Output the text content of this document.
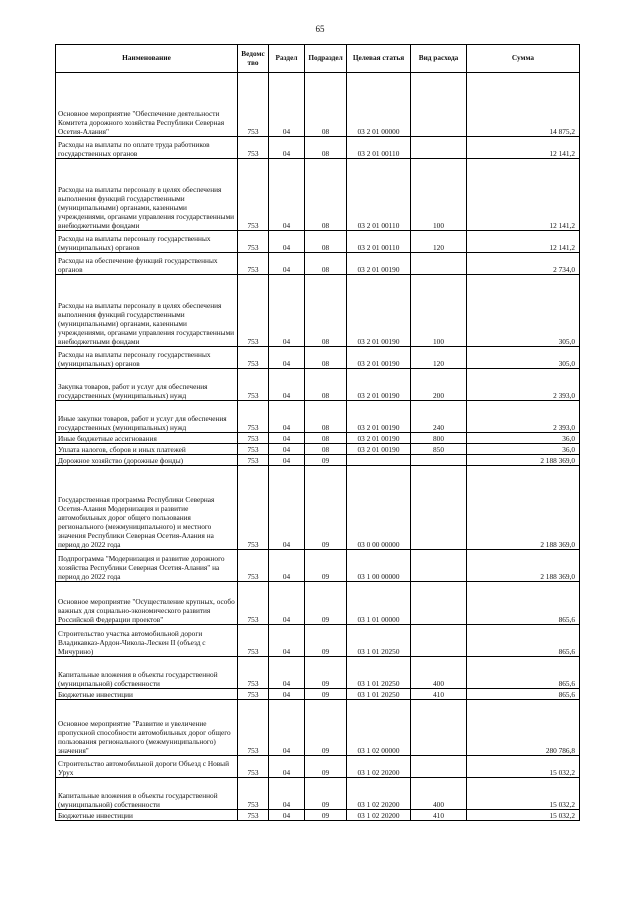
65
Наименование	Ведомс тво	Раздел	Подраздел	Целевая статья	Вид расхода	Сумма
Основное мероприятие "Обеспечение деятельности Комитета дорожного хозяйства Республики Северная Осетия-Алания"	753	04	08	03 2 01 00000		14 875,2
Расходы на выплаты по оплате труда работников государственных органов	753	04	08	03 2 01 00110		12 141,2
Расходы на выплаты персоналу в целях обеспечения выполнения функций государственными (муниципальными) органами, казенными учреждениями, органами управления государственными внебюджетными фондами	753	04	08	03 2 01 00110	100	12 141,2
Расходы на выплаты персоналу государственных (муниципальных) органов	753	04	08	03 2 01 00110	120	12 141,2
Расходы на обеспечение функций государственных органов	753	04	08	03 2 01 00190		2 734,0
Расходы на выплаты персоналу в целях обеспечения выполнения функций государственными (муниципальными) органами, казенными учреждениями, органами управления государственными внебюджетными фондами	753	04	08	03 2 01 00190	100	305,0
Расходы на выплаты персоналу государственных (муниципальных) органов	753	04	08	03 2 01 00190	120	305,0
Закупка товаров, работ и услуг для обеспечения государственных (муниципальных) нужд	753	04	08	03 2 01 00190	200	2 393,0
Иные закупки товаров, работ и услуг для обеспечения государственных (муниципальных) нужд	753	04	08	03 2 01 00190	240	2 393,0
Иные бюджетные ассигнования	753	04	08	03 2 01 00190	800	36,0
Уплата налогов, сборов и иных платежей	753	04	08	03 2 01 00190	850	36,0
Дорожное хозяйство (дорожные фонды)	753	04	09			2 188 369,0
Государственная программа Республики Северная Осетия-Алания Модернизация и развитие автомобильных дорог общего пользования регионального (межмуниципального) и местного значения Республики Северная Осетия-Алания на период до 2022 года	753	04	09	03 0 00 00000		2 188 369,0
Подпрограмма "Модернизация и развитие дорожного хозяйства Республики Северная Осетия-Алания" на период до 2022 года	753	04	09	03 1 00 00000		2 188 369,0
Основное мероприятие "Осуществление крупных, особо важных для социально-экономического развития Российской Федерации проектов"	753	04	09	03 1 01 00000		865,6
Строительство участка автомобильной дороги Владикавказ-Ардон-Чикола-Лескен II (объезд с Мичурино)	753	04	09	03 1 01 20250		865,6
Капитальные вложения в объекты государственной (муниципальной) собственности	753	04	09	03 1 01 20250	400	865,6
Бюджетные инвестиции	753	04	09	03 1 01 20250	410	865,6
Основное мероприятие "Развитие и увеличение пропускной способности автомобильных дорог общего пользования регионального (межмуниципального) значения"	753	04	09	03 1 02 00000		280 786,8
Строительство автомобильной дороги Объезд с Новый Урух	753	04	09	03 1 02 20200		15 032,2
Капитальные вложения в объекты государственной (муниципальной) собственности	753	04	09	03 1 02 20200	400	15 032,2
Бюджетные инвестиции	753	04	09	03 1 02 20200	410	15 032,2
